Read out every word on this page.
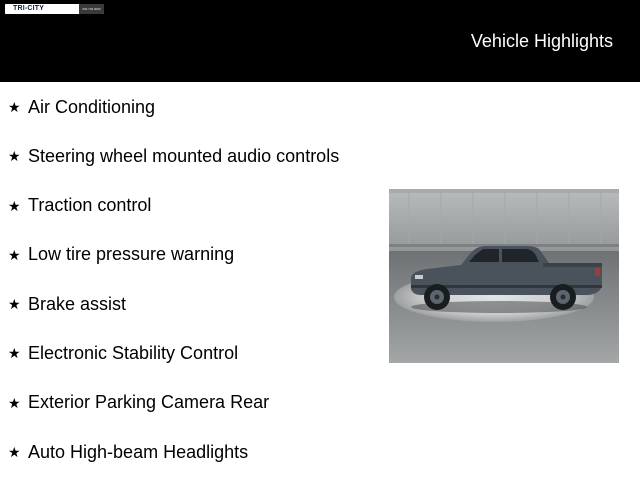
TRI-CITY	909 793 9000
Vehicle Highlights
★ Air Conditioning
★ Steering wheel mounted audio controls
★ Traction control
★ Low tire pressure warning
★ Brake assist
★ Electronic Stability Control
★ Exterior Parking Camera Rear
★ Auto High-beam Headlights
